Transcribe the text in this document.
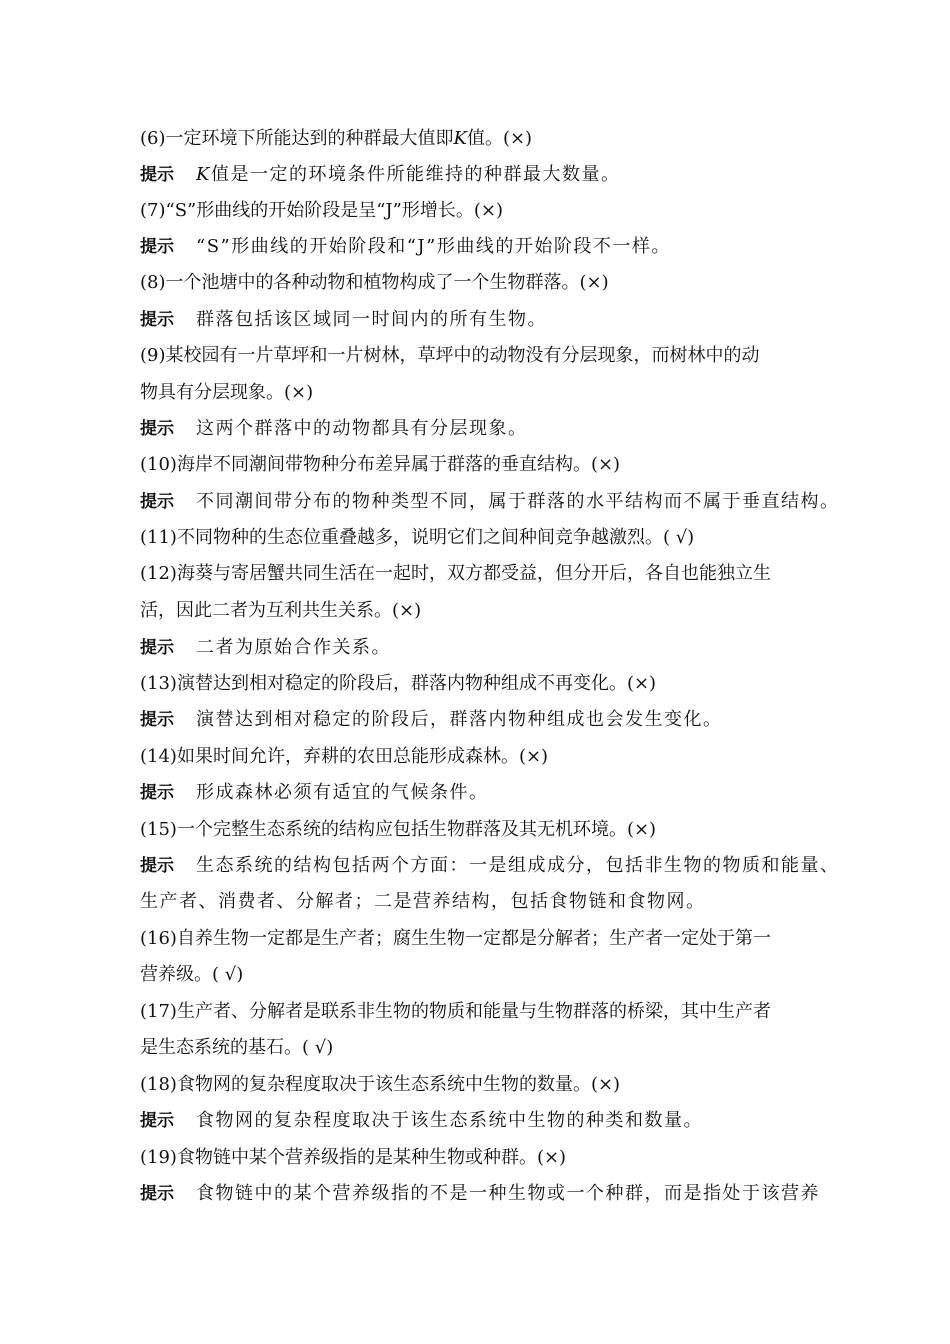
(6)一定环境下所能达到的种群最大值即K值。(×)
提示 K值是一定的环境条件所能维持的种群最大数量。
(7)“S”形曲线的开始阶段是呈“J”形增长。(×)
提示 “S”形曲线的开始阶段和“J”形曲线的开始阶段不一样。
(8)一个池塘中的各种动物和植物构成了一个生物群落。(×)
提示 群落包括该区域同一时间内的所有生物。
(9)某校园有一片草坪和一片树林，草坪中的动物没有分层现象，而树林中的动
物具有分层现象。(×)
提示 这两个群落中的动物都具有分层现象。
(10)海岸不同潮间带物种分布差异属于群落的垂直结构。(×)
提示 不同潮间带分布的物种类型不同，属于群落的水平结构而不属于垂直结构。
(11)不同物种的生态位重叠越多，说明它们之间种间竞争越激烈。( √)
(12)海葵与寄居蟹共同生活在一起时，双方都受益，但分开后，各自也能独立生
活，因此二者为互利共生关系。(×)
提示 二者为原始合作关系。
(13)演替达到相对稳定的阶段后，群落内物种组成不再变化。(×)
提示 演替达到相对稳定的阶段后，群落内物种组成也会发生变化。
(14)如果时间允许，弃耕的农田总能形成森林。(×)
提示 形成森林必须有适宜的气候条件。
(15)一个完整生态系统的结构应包括生物群落及其无机环境。(×)
提示 生态系统的结构包括两个方面：一是组成成分，包括非生物的物质和能量、
生产者、消费者、分解者；二是营养结构，包括食物链和食物网。
(16)自养生物一定都是生产者；腐生生物一定都是分解者；生产者一定处于第一
营养级。( √)
(17)生产者、分解者是联系非生物的物质和能量与生物群落的桥梁，其中生产者
是生态系统的基石。( √)
(18)食物网的复杂程度取决于该生态系统中生物的数量。(×)
提示 食物网的复杂程度取决于该生态系统中生物的种类和数量。
(19)食物链中某个营养级指的是某种生物或种群。(×)
提示 食物链中的某个营养级指的不是一种生物或一个种群，而是指处于该营养
